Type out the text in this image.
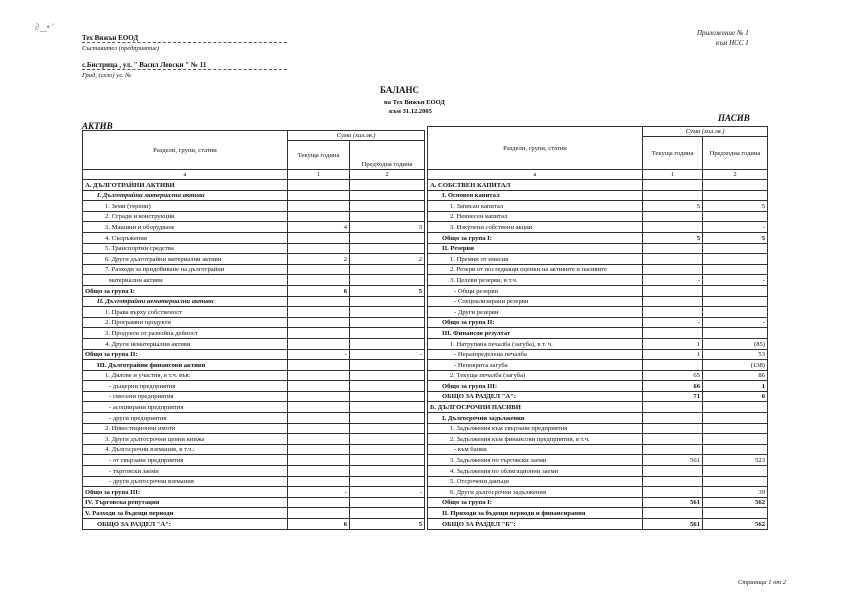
∂‿• ′
Тех Вижън ЕООД
Съставител (предприятие)
с.Бистрица , ул. " Васил Левски " № 11
Град, (село) ул. №
Приложение № 1
към НСС 1
БАЛАНС
на Тех Вижън ЕООД
към 31.12.2005
АКТИВ
ПАСИВ
Раздели, групи, статии	Сума (хил.лв.)	
	Текуща година	Предходна година
а	1	2
А. ДЪЛГОТРАЙНИ АКТИВИ		
I. Дълготрайни материални активи		
1. Земи (терени)		
2. Сгради и конструкции		
3. Машини и оборудване	4	3
4. Съоръжения		
5. Транспортни средства		
6. Други дълготрайни материални активи	2	2
7. Разходи за придобиване на дълготрайни		
материални активи		
Общо за група I:	6	5
II. Дълготрайни нематериални активи		
1. Права върху собственост		
2. Програмни продукти		
3. Продукти от развойна дейност		
4. Други нематериални активи		
Общо за група II:	-	-
III. Дълготрайни финансови активи		
1. Дялове и участия, в т.ч. във:		
- дъщерни предприятия		
- смесени предприятия		
- асоциирани предприятия		
- други предприятия		
2. Инвестиционни имоти		
3. Други дългосрочни ценни книжа		
4. Дългосрочни вземания, в т.ч.:		
- от свързани предприятия		
- търговски заеми		
- други дългосрочни вземания		
Общо за група III:	-	-
IV. Търговска репутация		
V. Разходи за бъдещи периоди		
ОБЩО ЗА РАЗДЕЛ "А":	6	5
Раздели, групи, статии	Сума (хил.лв.)	
	Текуща година	Предходна година
а	1	2
А. СОБСТВЕН КАПИТАЛ		
I. Основен капитал		
1. Записан капитал	5	5
2. Невнесен капитал		
3. Изкупени собствени акции		-
Общо за група I:	5	5
II. Резерви		
1. Премии от емисия		
2. Резерв от последващи оценки на активите и пасивите		
3. Целеви резерви, в т.ч.	-	-
- Общи резерви		
- Специализирани резерви		
- Други резерви		
Общо за група II:	-	-
III. Финансов резултат		
1. Натрупана печалба (загуба), в т. ч.	1	(85)
- Неразпределена печалба	1	53
- Непокрита загуба		(138)
2. Текуща печалба (загуба)	65	86
Общо за група III:	66	1
ОБЩО ЗА РАЗДЕЛ "А":	71	6
Б. ДЪЛГОСРОЧНИ ПАСИВИ		
I. Дългосрочни задължения		
1. Задължения към свързани предприятия		
2. Задължения към финансови предприятия, в т.ч.		
- към банки		
3. Задължения по търговски заеми	561	523
4. Задължения по облигационни заеми		
5. Отсрочени данъци		
6. Други дългосрочни задължения		39
Общо за група I:	561	562
II. Приходи за бъдещи периоди и финансирания		
ОБЩО ЗА РАЗДЕЛ "Б":	561	562
Страница 1 от 2
